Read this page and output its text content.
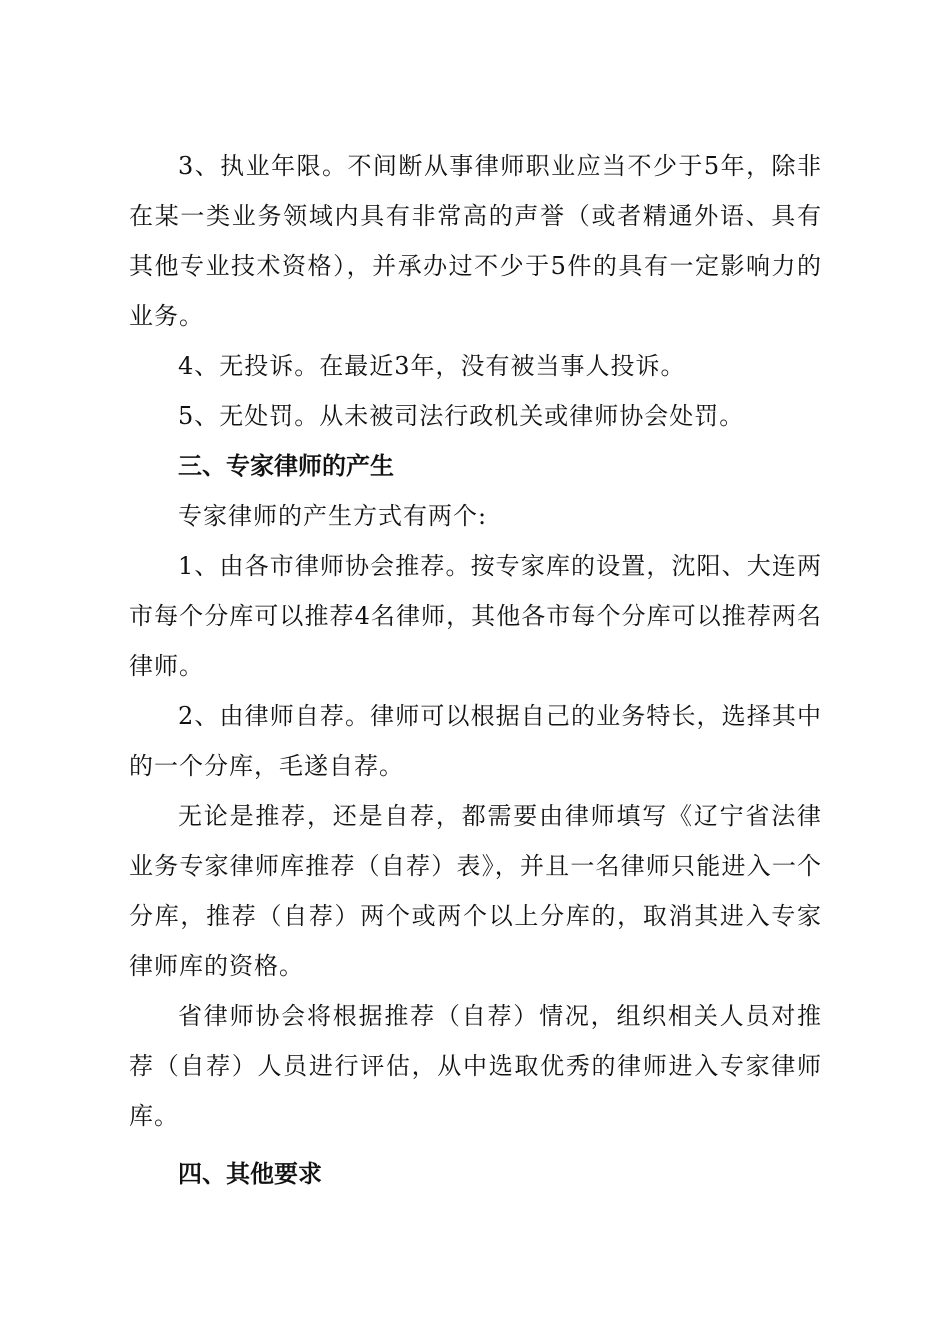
3、执业年限。不间断从事律师职业应当不少于5年，除非在某一类业务领域内具有非常高的声誉（或者精通外语、具有其他专业技术资格），并承办过不少于5件的具有一定影响力的业务。

4、无投诉。在最近3年，没有被当事人投诉。

5、无处罚。从未被司法行政机关或律师协会处罚。

三、专家律师的产生

专家律师的产生方式有两个:

1、由各市律师协会推荐。按专家库的设置，沈阳、大连两市每个分库可以推荐4名律师，其他各市每个分库可以推荐两名律师。

2、由律师自荐。律师可以根据自己的业务特长，选择其中的一个分库，毛遂自荐。

无论是推荐，还是自荐，都需要由律师填写《辽宁省法律业务专家律师库推荐（自荐）表》，并且一名律师只能进入一个分库，推荐（自荐）两个或两个以上分库的，取消其进入专家律师库的资格。

省律师协会将根据推荐（自荐）情况，组织相关人员对推荐（自荐）人员进行评估，从中选取优秀的律师进入专家律师库。

四、其他要求
